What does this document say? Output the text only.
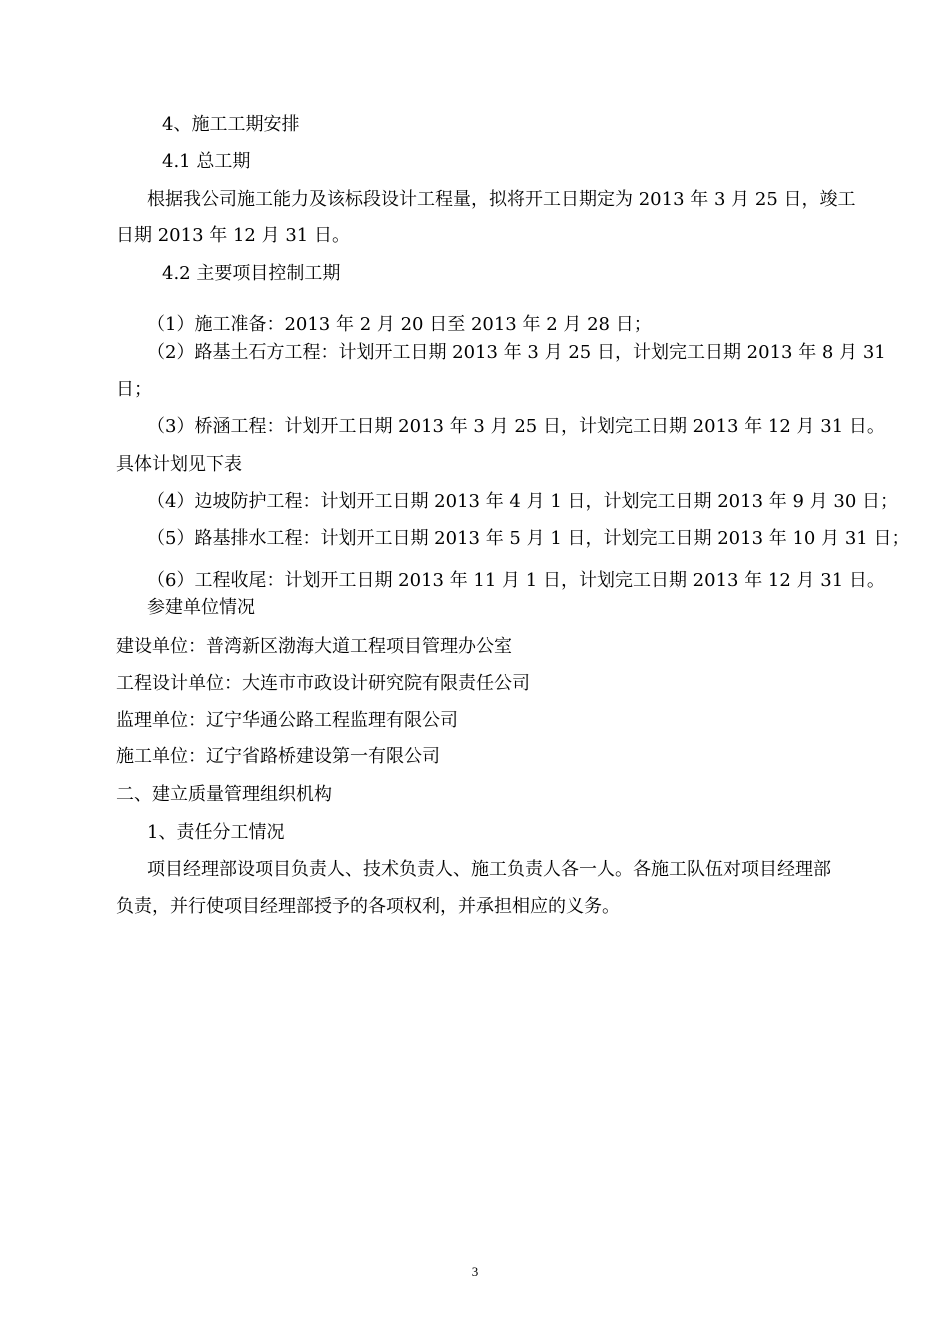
4、施工工期安排
4.1 总工期
根据我公司施工能力及该标段设计工程量，拟将开工日期定为 2013 年 3 月 25 日，竣工
日期 2013 年 12 月 31 日。
4.2 主要项目控制工期
（1）施工准备：2013 年 2 月 20 日至 2013 年 2 月 28 日；
（2）路基土石方工程：计划开工日期 2013 年 3 月 25 日，计划完工日期 2013 年 8 月 31
日；
（3）桥涵工程：计划开工日期 2013 年 3 月 25 日，计划完工日期 2013 年 12 月 31 日。
具体计划见下表
（4）边坡防护工程：计划开工日期 2013 年 4 月 1 日，计划完工日期 2013 年 9 月 30 日；
（5）路基排水工程：计划开工日期 2013 年 5 月 1 日，计划完工日期 2013 年 10 月 31 日；
（6）工程收尾：计划开工日期 2013 年 11 月 1 日，计划完工日期 2013 年 12 月 31 日。
参建单位情况
建设单位：普湾新区渤海大道工程项目管理办公室
工程设计单位：大连市市政设计研究院有限责任公司
监理单位：辽宁华通公路工程监理有限公司
施工单位：辽宁省路桥建设第一有限公司
二、建立质量管理组织机构
1、责任分工情况
项目经理部设项目负责人、技术负责人、施工负责人各一人。各施工队伍对项目经理部
负责，并行使项目经理部授予的各项权利，并承担相应的义务。
3
